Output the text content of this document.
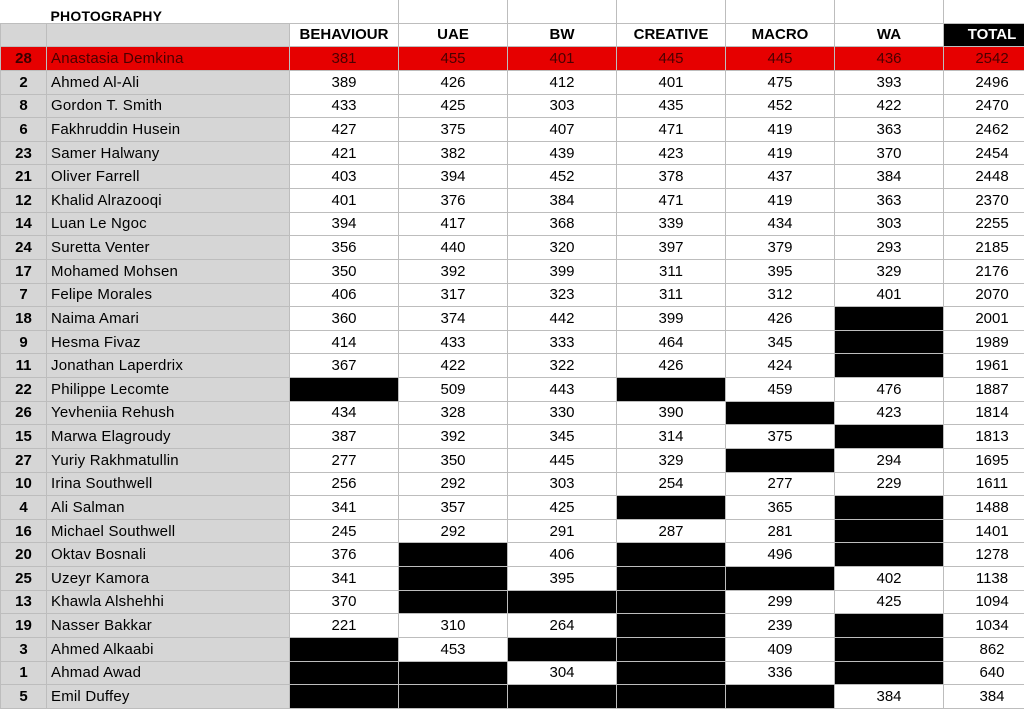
	PHOTOGRAPHY							
		BEHAVIOUR	UAE	BW	CREATIVE	MACRO	WA	TOTAL
28	Anastasia Demkina	381	455	401	445	445	436	2542
2	Ahmed Al-Ali	389	426	412	401	475	393	2496
8	Gordon T. Smith	433	425	303	435	452	422	2470
6	Fakhruddin Husein	427	375	407	471	419	363	2462
23	Samer Halwany	421	382	439	423	419	370	2454
21	Oliver Farrell	403	394	452	378	437	384	2448
12	Khalid Alrazooqi	401	376	384	471	419	363	2370
14	Luan Le Ngoc	394	417	368	339	434	303	2255
24	Suretta Venter	356	440	320	397	379	293	2185
17	Mohamed Mohsen	350	392	399	311	395	329	2176
7	Felipe Morales	406	317	323	311	312	401	2070
18	Naima Amari	360	374	442	399	426		2001
9	Hesma Fivaz	414	433	333	464	345		1989
11	Jonathan Laperdrix	367	422	322	426	424		1961
22	Philippe Lecomte		509	443		459	476	1887
26	Yevheniia Rehush	434	328	330	390		423	1814
15	Marwa Elagroudy	387	392	345	314	375		1813
27	Yuriy Rakhmatullin	277	350	445	329		294	1695
10	Irina Southwell	256	292	303	254	277	229	1611
4	Ali Salman	341	357	425		365		1488
16	Michael Southwell	245	292	291	287	281		1401
20	Oktav Bosnali	376		406		496		1278
25	Uzeyr Kamora	341		395			402	1138
13	Khawla Alshehhi	370				299	425	1094
19	Nasser Bakkar	221	310	264		239		1034
3	Ahmed Alkaabi		453			409		862
1	Ahmad Awad			304		336		640
5	Emil Duffey						384	384
